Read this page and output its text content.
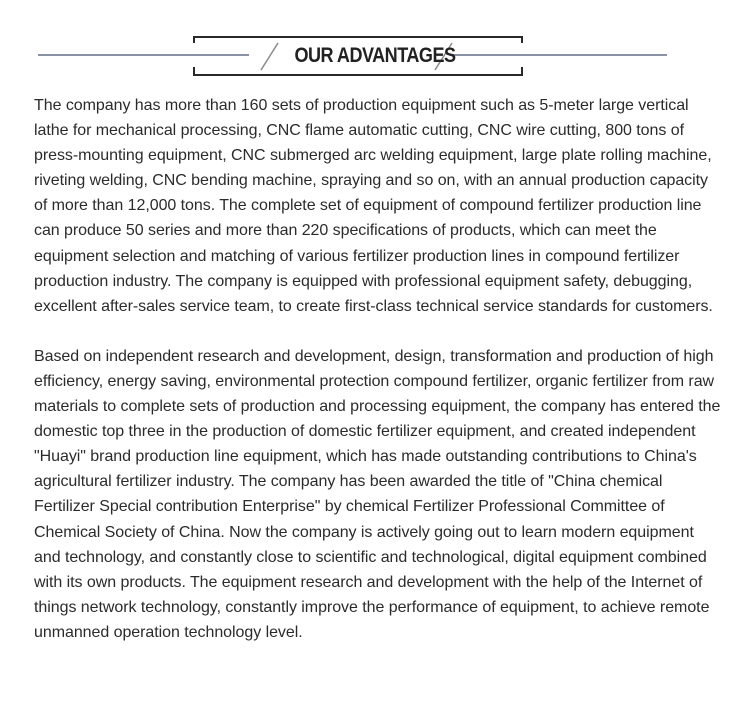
OUR ADVANTAGES

The company has more than 160 sets of production equipment such as 5-meter large vertical lathe for mechanical processing, CNC flame automatic cutting, CNC wire cutting, 800 tons of press-mounting equipment, CNC submerged arc welding equipment, large plate rolling machine, riveting welding, CNC bending machine, spraying and so on, with an annual production capacity of more than 12,000 tons. The complete set of equipment of compound fertilizer production line can produce 50 series and more than 220 specifications of products, which can meet the equipment selection and matching of various fertilizer production lines in compound fertilizer production industry. The company is equipped with professional equipment safety, debugging, excellent after-sales service team, to create first-class technical service standards for customers.

Based on independent research and development, design, transformation and production of high efficiency, energy saving, environmental protection compound fertilizer, organic fertilizer from raw materials to complete sets of production and processing equipment, the company has entered the domestic top three in the production of domestic fertilizer equipment, and created independent "Huayi" brand production line equipment, which has made outstanding contributions to China's agricultural fertilizer industry. The company has been awarded the title of "China chemical Fertilizer Special contribution Enterprise" by chemical Fertilizer Professional Committee of Chemical Society of China. Now the company is actively going out to learn modern equipment and technology, and constantly close to scientific and technological, digital equipment combined with its own products. The equipment research and development with the help of the Internet of things network technology, constantly improve the performance of equipment, to achieve remote unmanned operation technology level.
